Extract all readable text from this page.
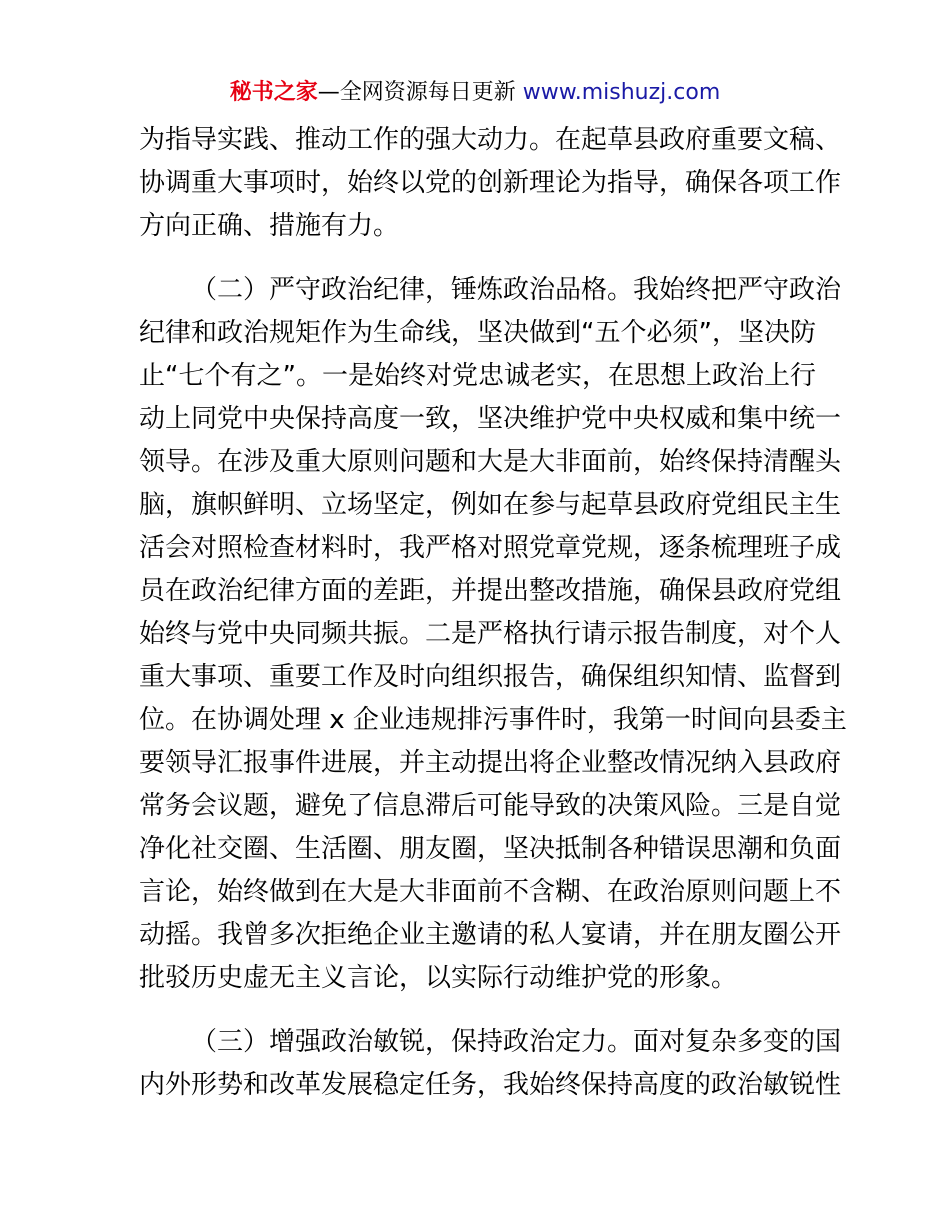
秘书之家—全网资源每日更新 www.mishuzj.com
为指导实践、推动工作的强大动力。在起草县政府重要文稿、
协调重大事项时，始终以党的创新理论为指导，确保各项工作
方向正确、措施有力。
（二）严守政治纪律，锤炼政治品格。我始终把严守政治
纪律和政治规矩作为生命线，坚决做到“五个必须”，坚决防
止“七个有之”。一是始终对党忠诚老实，在思想上政治上行
动上同党中央保持高度一致，坚决维护党中央权威和集中统一
领导。在涉及重大原则问题和大是大非面前，始终保持清醒头
脑，旗帜鲜明、立场坚定，例如在参与起草县政府党组民主生
活会对照检查材料时，我严格对照党章党规，逐条梳理班子成
员在政治纪律方面的差距，并提出整改措施，确保县政府党组
始终与党中央同频共振。二是严格执行请示报告制度，对个人
重大事项、重要工作及时向组织报告，确保组织知情、监督到
位。在协调处理 x 企业违规排污事件时，我第一时间向县委主
要领导汇报事件进展，并主动提出将企业整改情况纳入县政府
常务会议题，避免了信息滞后可能导致的决策风险。三是自觉
净化社交圈、生活圈、朋友圈，坚决抵制各种错误思潮和负面
言论，始终做到在大是大非面前不含糊、在政治原则问题上不
动摇。我曾多次拒绝企业主邀请的私人宴请，并在朋友圈公开
批驳历史虚无主义言论，以实际行动维护党的形象。
（三）增强政治敏锐，保持政治定力。面对复杂多变的国
内外形势和改革发展稳定任务，我始终保持高度的政治敏锐性
